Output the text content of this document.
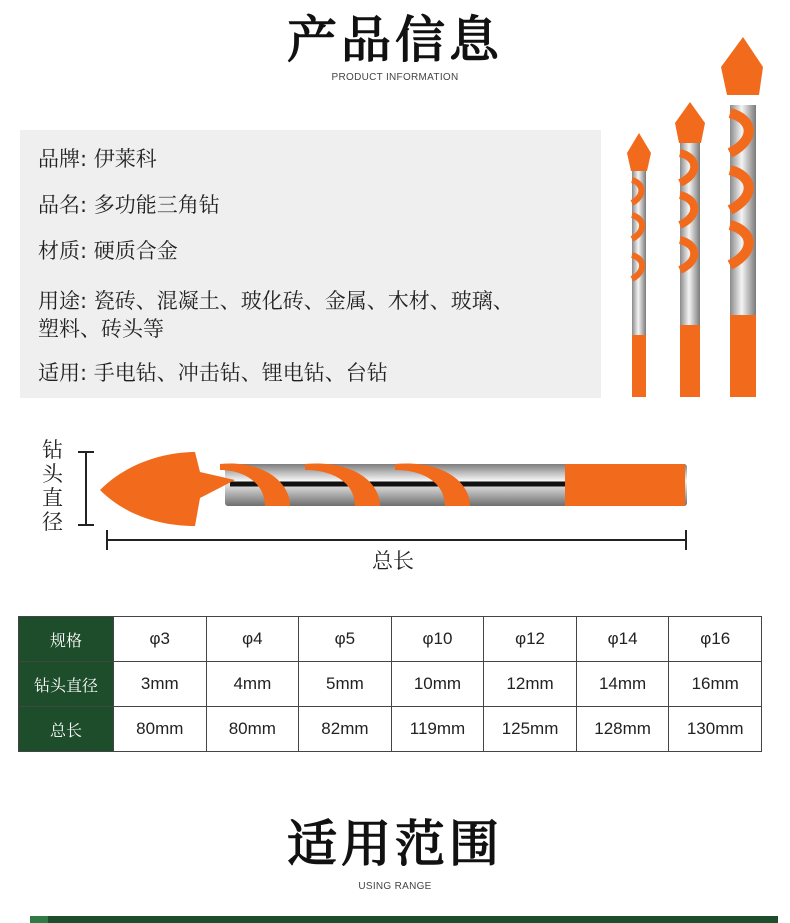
产品信息
PRODUCT INFORMATION
品牌: 伊莱科
品名: 多功能三角钻
材质: 硬质合金
用途: 瓷砖、混凝土、玻化砖、金属、木材、玻璃、
塑料、砖头等
适用: 手电钻、冲击钻、锂电钻、台钻
钻头直径
总长
规格	φ3	φ4	φ5	φ10	φ12	φ14	φ16
钻头直径	3mm	4mm	5mm	10mm	12mm	14mm	16mm
总长	80mm	80mm	82mm	119mm	125mm	128mm	130mm
适用范围
USING RANGE
